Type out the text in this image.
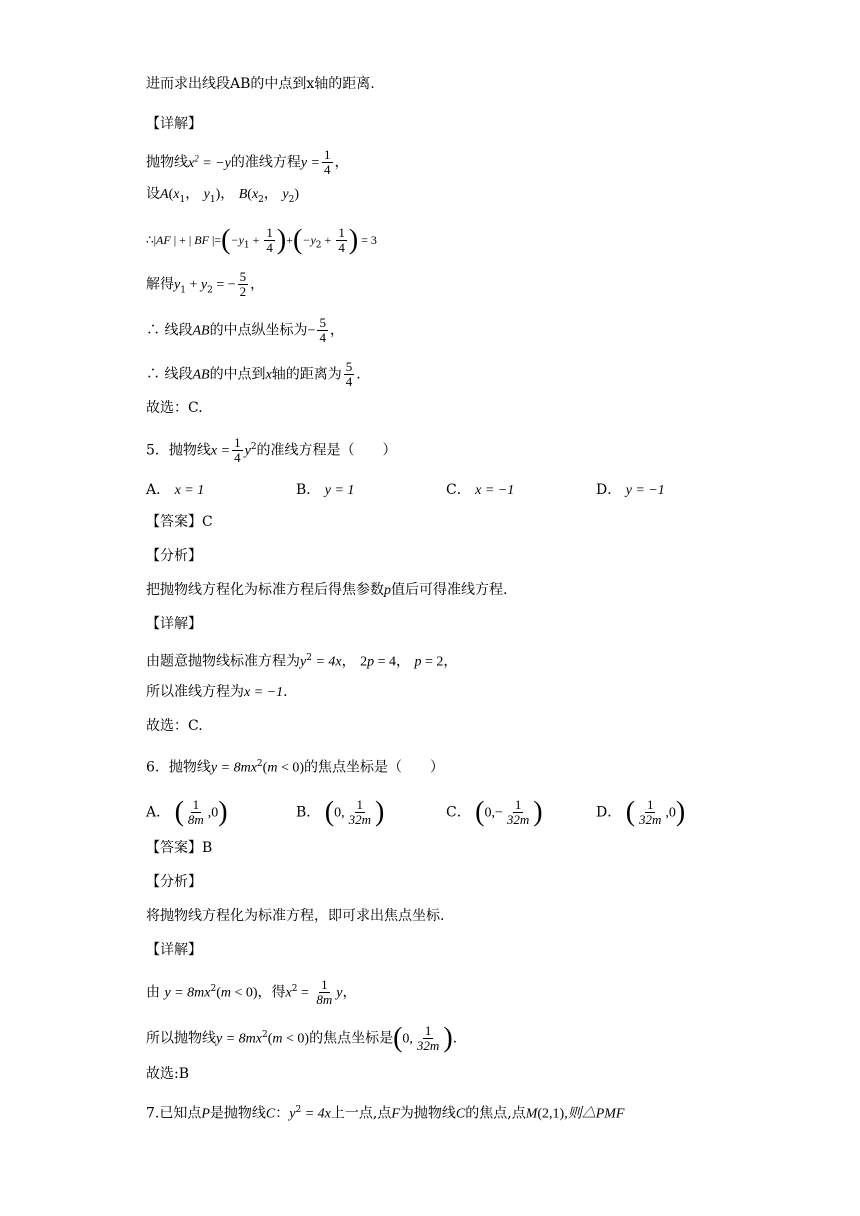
进而求出线段AB的中点到x轴的距离.
【详解】
抛物线$x^2 = -y$的准线方程$y = \frac{1}{4}$ ，
设$A(x_1$， $y_1$)， $B(x_2$， $y_2$)
∴|AF | + | BF $|=(-y_1 + \frac{1}{4} )+(-y_2 + \frac{1}{4}$ ) = 3
解得$y_1 + y_2$ = − $\frac{5}{2}$ ，
∴ 线段AB的中点纵坐标为− $\frac{5}{4}$ ，
∴ 线段AB的中点到x轴的距离为 $\frac{5}{4}$ .
故选：C.
5．抛物线$x = \frac{1}{4} y^2$的准线方程是（　　）
A． x = 1	B． y = 1	C． x = −1	D． y = −1
【答案】C
【分析】
把抛物线方程化为标准方程后得焦参数p值后可得准线方程.
【详解】
由题意抛物线标准方程为$y^2 = 4x$， 2p = 4， p = 2，
所以准线方程为x = −1.
故选：C.
6．抛物线$y = 8mx^2(m < 0)$的焦点坐标是（　　）
A． ( $\frac{1}{8m} ,0$)	B． (0, $\frac{1}{32m}$ )	C． ($0,- \frac{1}{32m}$ )	D． ( $\frac{1}{32m} ,0$)
【答案】B
【分析】
将抛物线方程化为标准方程，即可求出焦点坐标.
【详解】
由 $y = 8mx^2(m < 0)$，得$x^2 = \frac{1}{8m}$ y，
所以抛物线$y = 8mx^2(m < 0)$的焦点坐标是(0, $\frac{1}{32m}$ ).
故选:B
7.已知点P是抛物线C：$y^2 = 4x$上一点,点F为抛物线C的焦点,点M(2,1),则△PMF
